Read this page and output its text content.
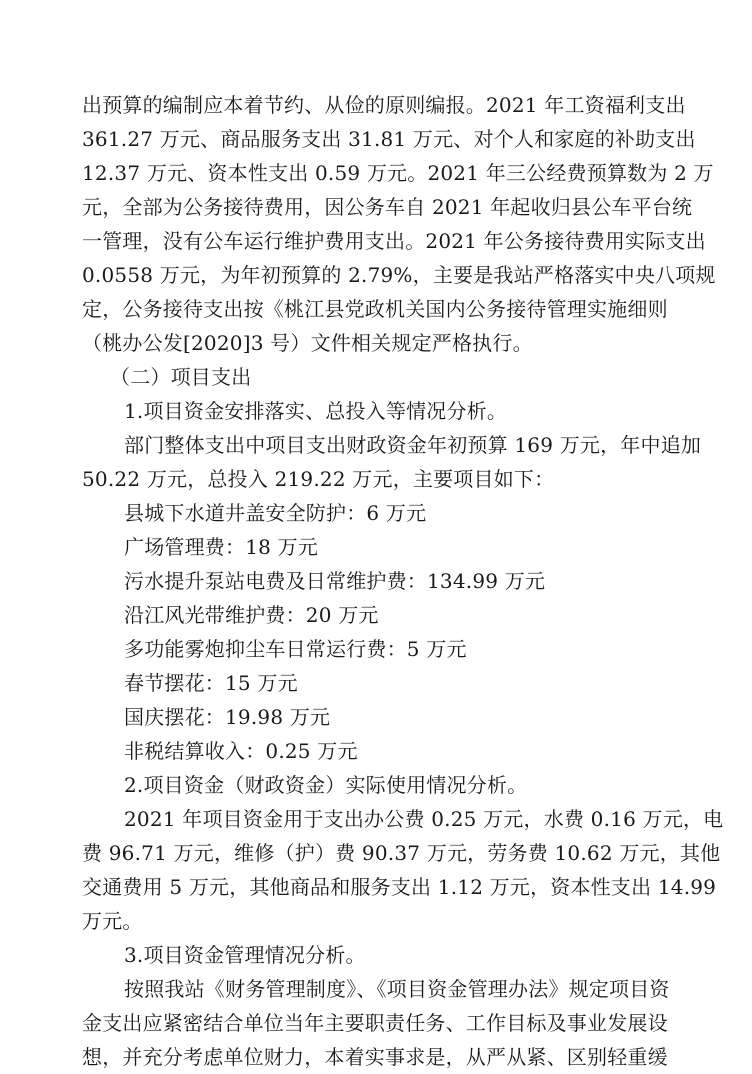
出预算的编制应本着节约、从俭的原则编报。2021 年工资福利支出
361.27 万元、商品服务支出 31.81 万元、对个人和家庭的补助支出
12.37 万元、资本性支出 0.59 万元。2021 年三公经费预算数为 2 万
元，全部为公务接待费用，因公务车自 2021 年起收归县公车平台统
一管理，没有公车运行维护费用支出。2021 年公务接待费用实际支出
0.0558 万元，为年初预算的 2.79%，主要是我站严格落实中央八项规
定，公务接待支出按《桃江县党政机关国内公务接待管理实施细则
（桃办公发[2020]3 号）文件相关规定严格执行。
（二）项目支出
1.项目资金安排落实、总投入等情况分析。
部门整体支出中项目支出财政资金年初预算 169 万元，年中追加
50.22 万元，总投入 219.22 万元，主要项目如下：
县城下水道井盖安全防护：6 万元
广场管理费：18 万元
污水提升泵站电费及日常维护费：134.99 万元
沿江风光带维护费：20 万元
多功能雾炮抑尘车日常运行费：5 万元
春节摆花：15 万元
国庆摆花：19.98 万元
非税结算收入：0.25 万元
2.项目资金（财政资金）实际使用情况分析。
2021 年项目资金用于支出办公费 0.25 万元，水费 0.16 万元，电
费 96.71 万元，维修（护）费 90.37 万元，劳务费 10.62 万元，其他
交通费用 5 万元，其他商品和服务支出 1.12 万元，资本性支出 14.99
万元。
3.项目资金管理情况分析。
按照我站《财务管理制度》、《项目资金管理办法》规定项目资
金支出应紧密结合单位当年主要职责任务、工作目标及事业发展设
想，并充分考虑单位财力，本着实事求是，从严从紧、区别轻重缓
